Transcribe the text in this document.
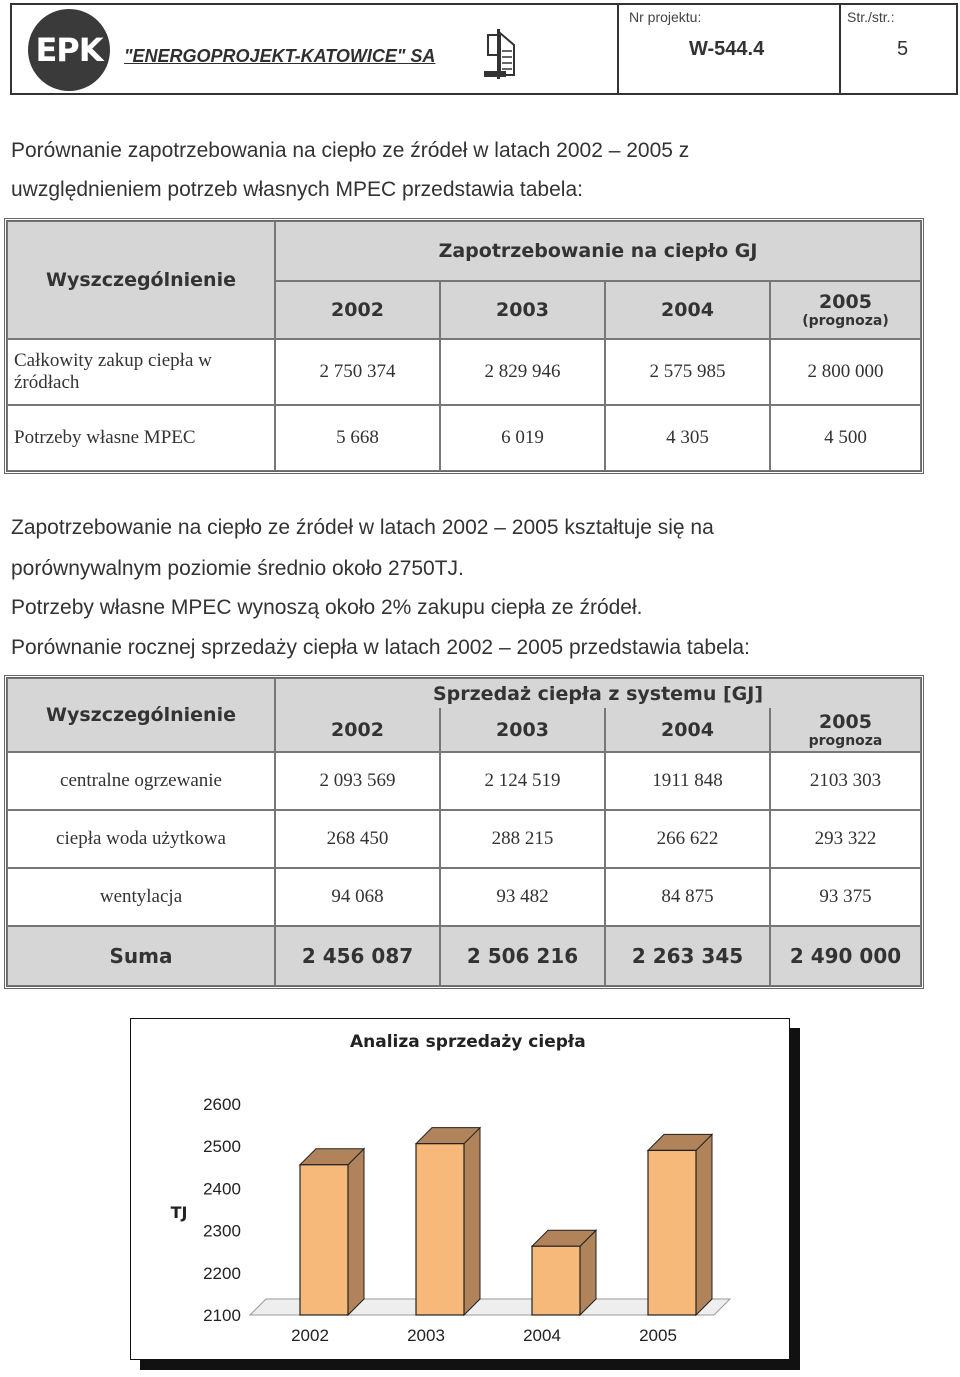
EPK	"ENERGOPROJEKT-KATOWICE" SA
Nr projektu:
W-544.4
Str./str.:
5
Porównanie zapotrzebowania na ciepło ze źródeł w latach 2002 – 2005 z
uwzględnieniem potrzeb własnych MPEC przedstawia tabela:
Wyszczególnienie	Zapotrzebowanie na ciepło GJ			
	2002	2003	2004	2005
(prognoza)

Całkowity zakup ciepła w źródłach	2 750 374	2 829 946	2 575 985	2 800 000
Potrzeby własne MPEC	5 668	6 019	4 305	4 500
Zapotrzebowanie na ciepło ze źródeł w latach 2002 – 2005 kształtuje się na
porównywalnym poziomie średnio około 2750TJ.
Potrzeby własne MPEC wynoszą około 2% zakupu ciepła ze źródeł.
Porównanie rocznej sprzedaży ciepła w latach 2002 – 2005 przedstawia tabela:
Wyszczególnienie	Sprzedaż ciepła z systemu [GJ]			
	2002	2003	2004	2005
prognoza

centralne ogrzewanie	2 093 569	2 124 519	1911 848	2103 303
ciepła woda użytkowa	268 450	288 215	266 622	293 322
wentylacja	94 068	93 482	84 875	93 375
Suma	2 456 087	2 506 216	2 263 345	2 490 000
Analiza sprzedaży ciepła
2600
2500
2400
2300
2200
2100
TJ
2002	2003	2004	2005
